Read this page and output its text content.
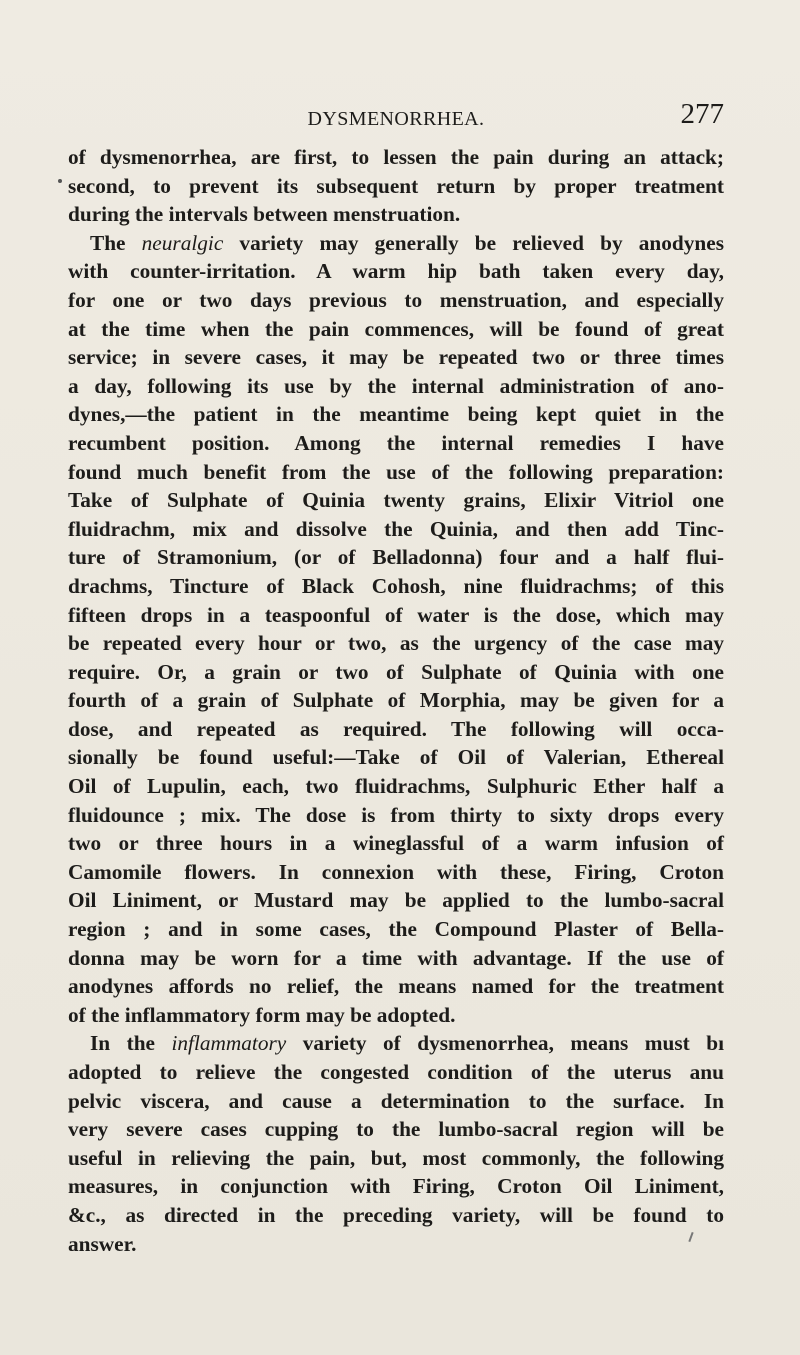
DYSMENORRHEA.	277
of dysmenorrhea, are first, to lessen the pain during an attack;
second, to prevent its subsequent return by proper treatment
during the intervals between menstruation.
The neuralgic variety may generally be relieved by anodynes
with counter-irritation. A warm hip bath taken every day,
for one or two days previous to menstruation, and especially
at the time when the pain commences, will be found of great
service; in severe cases, it may be repeated two or three times
a day, following its use by the internal administration of ano-
dynes,—the patient in the meantime being kept quiet in the
recumbent position. Among the internal remedies I have
found much benefit from the use of the following preparation:
Take of Sulphate of Quinia twenty grains, Elixir Vitriol one
fluidrachm, mix and dissolve the Quinia, and then add Tinc-
ture of Stramonium, (or of Belladonna) four and a half flui-
drachms, Tincture of Black Cohosh, nine fluidrachms; of this
fifteen drops in a teaspoonful of water is the dose, which may
be repeated every hour or two, as the urgency of the case may
require. Or, a grain or two of Sulphate of Quinia with one
fourth of a grain of Sulphate of Morphia, may be given for a
dose, and repeated as required. The following will occa-
sionally be found useful:—Take of Oil of Valerian, Ethereal
Oil of Lupulin, each, two fluidrachms, Sulphuric Ether half a
fluidounce ; mix. The dose is from thirty to sixty drops every
two or three hours in a wineglassful of a warm infusion of
Camomile flowers. In connexion with these, Firing, Croton
Oil Liniment, or Mustard may be applied to the lumbo-sacral
region ; and in some cases, the Compound Plaster of Bella-
donna may be worn for a time with advantage. If the use of
anodynes affords no relief, the means named for the treatment
of the inflammatory form may be adopted.
In the inflammatory variety of dysmenorrhea, means must bı
adopted to relieve the congested condition of the uterus anu
pelvic viscera, and cause a determination to the surface. In
very severe cases cupping to the lumbo-sacral region will be
useful in relieving the pain, but, most commonly, the following
measures, in conjunction with Firing, Croton Oil Liniment,
&c., as directed in the preceding variety, will be found to
answer.
